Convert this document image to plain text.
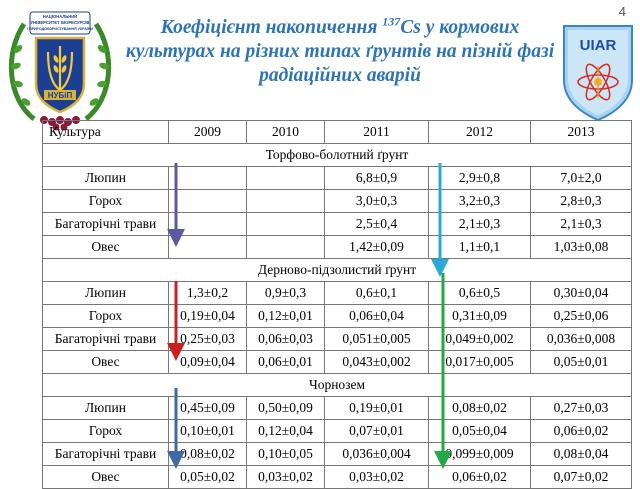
4
НАЦІОНАЛЬНИЙ
УНІВЕРСИТЕТ БІОРЕСУРСІВ
І ПРИРОДОКОРИСТУВАННЯ УКРАЇНИ
НУБіП
Коефіцієнт накопичення $^{137}$Cs у кормових культурах на різних типах ґрунтів на пізній фазі радіаційних аварій
UIAR
Культура	2009	2010	2011	2012	2013
Торфово-болотний ґрунт					
Люпин			6,8±0,9	2,9±0,8	7,0±2,0
Горох			3,0±0,3	3,2±0,3	2,8±0,3
Багаторічні трави			2,5±0,4	2,1±0,3	2,1±0,3
Овес			1,42±0,09	1,1±0,1	1,03±0,08
Дерново-підзолистий ґрунт					
Люпин	1,3±0,2	0,9±0,3	0,6±0,1	0,6±0,5	0,30±0,04
Горох	0,19±0,04	0,12±0,01	0,06±0,04	0,31±0,09	0,25±0,06
Багаторічні трави	0,25±0,03	0,06±0,03	0,051±0,005	0,049±0,002	0,036±0,008
Овес	0,09±0,04	0,06±0,01	0,043±0,002	0,017±0,005	0,05±0,01
Чорнозем					
Люпин	0,45±0,09	0,50±0,09	0,19±0,01	0,08±0,02	0,27±0,03
Горох	0,10±0,01	0,12±0,04	0,07±0,01	0,05±0,04	0,06±0,02
Багаторічні трави	0,08±0,02	0,10±0,05	0,036±0,004	0,099±0,009	0,08±0,04
Овес	0,05±0,02	0,03±0,02	0,03±0,02	0,06±0,02	0,07±0,02
